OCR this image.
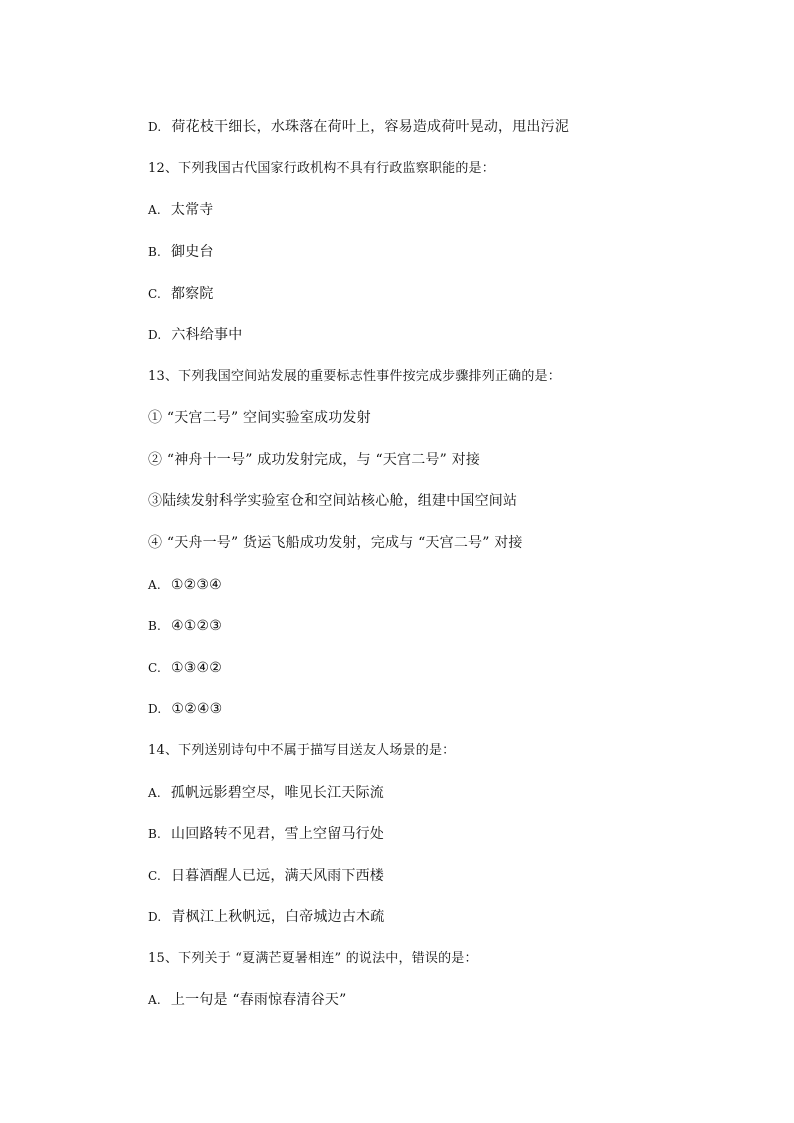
D. 荷花枝干细长，水珠落在荷叶上，容易造成荷叶晃动，甩出污泥
12、下列我国古代国家行政机构不具有行政监察职能的是：
A. 太常寺
B. 御史台
C. 都察院
D. 六科给事中
13、下列我国空间站发展的重要标志性事件按完成步骤排列正确的是：
① “天宫二号” 空间实验室成功发射
② “神舟十一号” 成功发射完成，与 “天宫二号” 对接
③陆续发射科学实验室仓和空间站核心舱，组建中国空间站
④ “天舟一号” 货运飞船成功发射，完成与 “天宫二号” 对接
A. ①②③④
B. ④①②③
C. ①③④②
D. ①②④③
14、下列送别诗句中不属于描写目送友人场景的是：
A. 孤帆远影碧空尽，唯见长江天际流
B. 山回路转不见君，雪上空留马行处
C. 日暮酒醒人已远，满天风雨下西楼
D. 青枫江上秋帆远，白帝城边古木疏
15、下列关于 “夏满芒夏暑相连” 的说法中，错误的是：
A. 上一句是 “春雨惊春清谷天”
